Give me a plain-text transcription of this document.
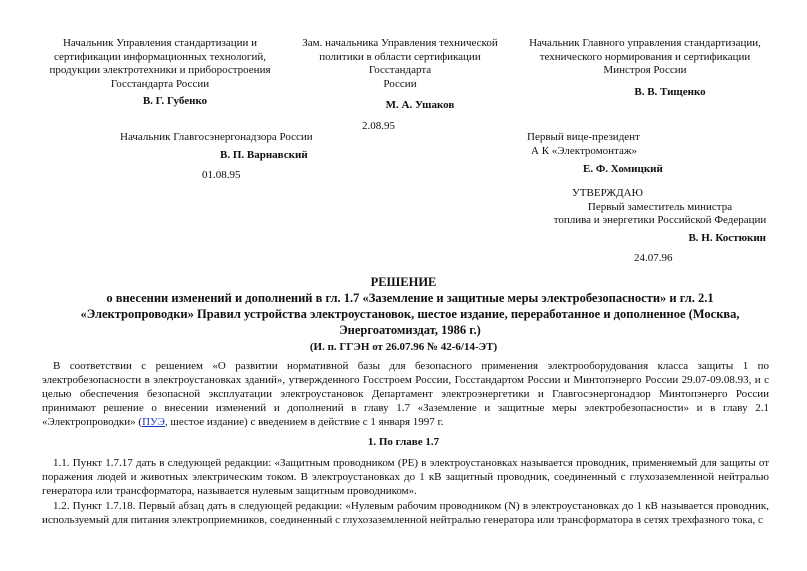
Начальник Управления стандартизации и
сертификации информационных технологий,
продукции электротехники и приборостроения
Госстандарта России
В. Г. Губенко
Зам. начальника Управления технической
политики в области сертификации Госстандарта
России
М. А. Ушаков
2.08.95
Начальник Главного управления стандартизации,
технического нормирования и сертификации
Минстроя России
В. В. Тищенко
Начальник Главгосэнергонадзора России
В. П. Варнавский
01.08.95
Первый вице-президент
А К «Электромонтаж»
Е. Ф. Хомицкий
УТВЕРЖДАЮ
Первый заместитель министра
топлива и энергетики Российской Федерации
В. Н. Костюкин
24.07.96
РЕШЕНИЕ
о внесении изменений и дополнений в гл. 1.7 «Заземление и защитные меры электробезопасности» и гл. 2.1
«Электропроводки» Правил устройства электроустановок, шестое издание, переработанное и дополненное (Москва,
Энергоатомиздат, 1986 г.)
(И. п. ГГЭН от 26.07.96 № 42-6/14-ЭТ)
В соответствии с решением «О развитии нормативной базы для безопасного применения электрооборудования класса защиты 1 по электробезопасности в электроустановках зданий», утвержденного Госстроем России, Госстандартом России и Минтопэнерго России 29.07-09.08.93, и с целью обеспечения безопасной эксплуатации электроустановок Департамент электроэнергетики и Главгосэнергонадзор Минтопэнерго России принимают решение о внесении изменений и дополнений в главу 1.7 «Заземление и защитные меры электробезопасности» и в главу 2.1 «Электропроводки» (ПУЭ, шестое издание) с введением в действие с 1 января 1997 г.
1. По главе 1.7
1.1. Пункт 1.7.17 дать в следующей редакции: «Защитным проводником (PE) в электроустановках называется проводник, применяемый для защиты от поражения людей и животных электрическим током. В электроустановках до 1 кВ защитный проводник, соединенный с глухозаземленной нейтралью генератора или трансформатора, называется нулевым защитным проводником».
1.2. Пункт 1.7.18. Первый абзац дать в следующей редакции: «Нулевым рабочим проводником (N) в электроустановках до 1 кВ называется проводник, используемый для питания электроприемников, соединенный с глухозаземленной нейтралью генератора или трансформатора в сетях трехфазного тока, с
